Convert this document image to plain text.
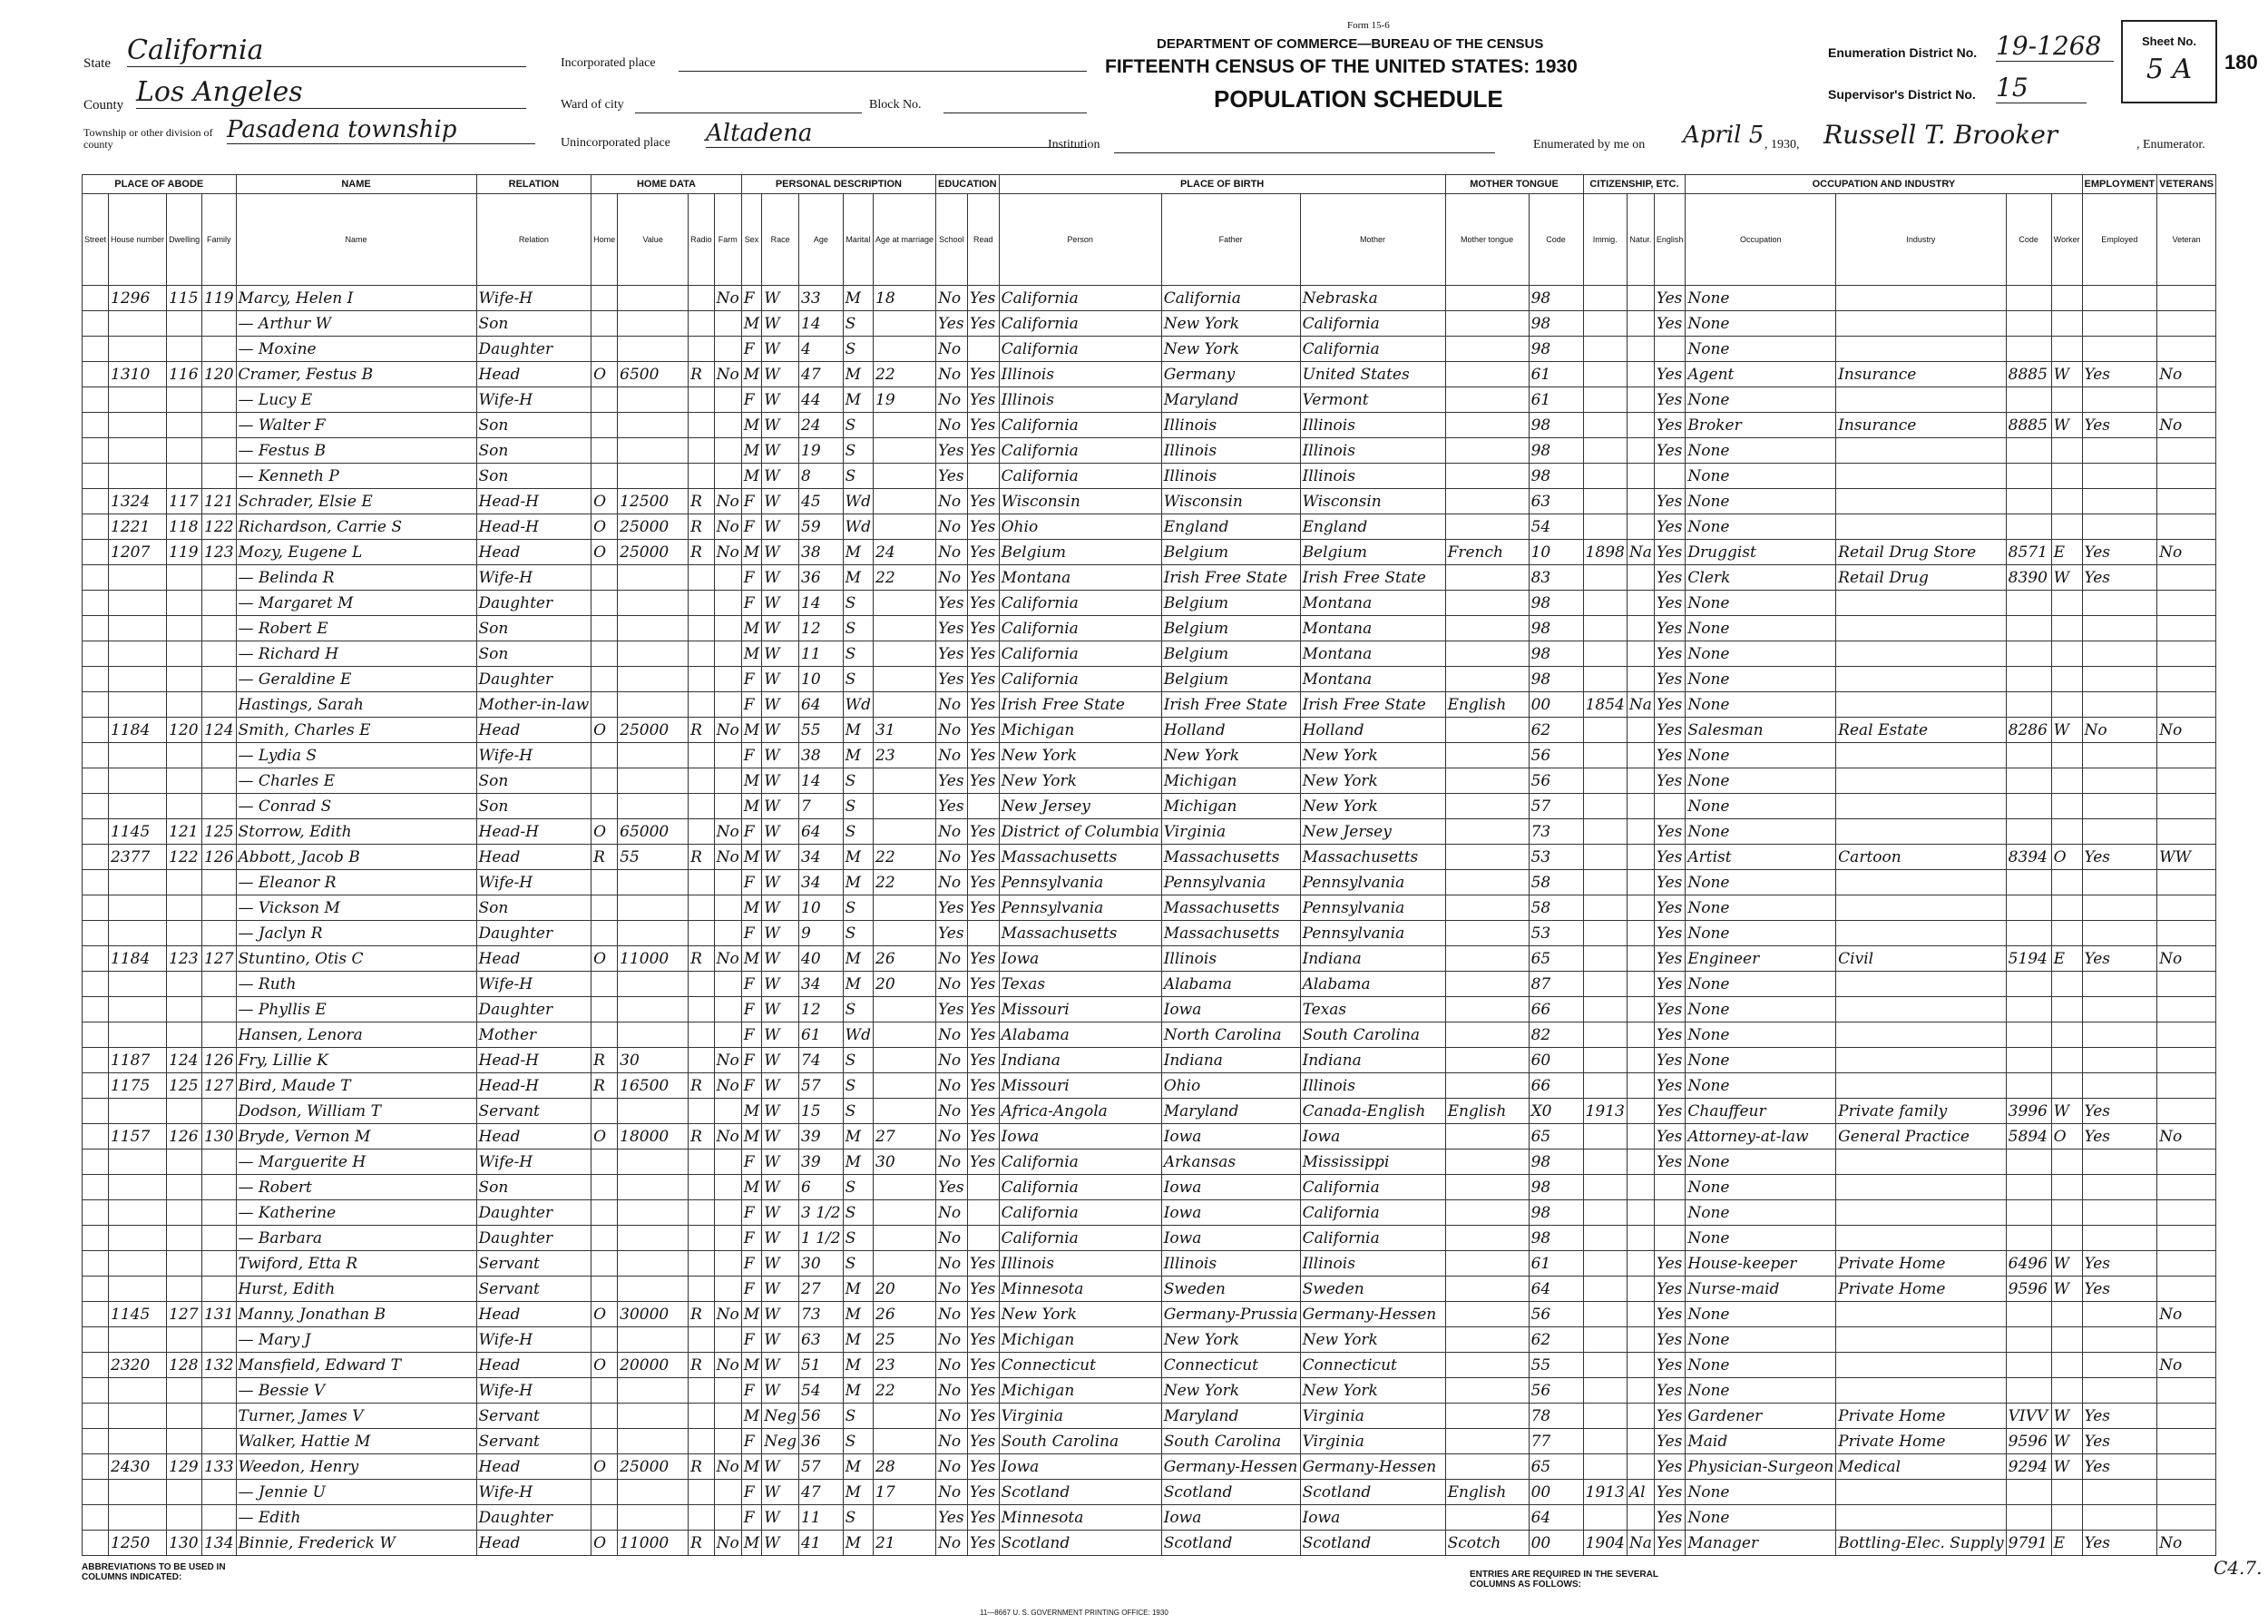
Form 15-6
DEPARTMENT OF COMMERCE—BUREAU OF THE CENSUS
FIFTEENTH CENSUS OF THE UNITED STATES: 1930
POPULATION SCHEDULE
Enumeration District No. 19-1268
Supervisor's District No. 15
Sheet No.
5 A	180
State California
County Los Angeles
Township or other division of county
Pasadena township
Incorporated place
Ward of city	Block No.
Unincorporated place Altadena	Institution	Enumerated by me on April 5 , 1930, Russell T. Brooker	, Enumerator.
PLACE OF ABODE				NAME	RELATION	HOME DATA				PERSONAL DESCRIPTION					EDUCATION		PLACE OF BIRTH			MOTHER TONGUE		CITIZENSHIP, ETC.			OCCUPATION AND INDUSTRY				EMPLOYMENT	VETERANS
Street	House number	Dwelling	Family	Name	Relation	Home	Value	Radio	Farm	Sex	Race	Age	Marital	Age at marriage	School	Read	Person	Father	Mother	Mother tongue	Code	Immig.	Natur.	English	Occupation	Industry	Code	Worker	Employed	Veteran
	1296	115	119	Marcy, Helen I	Wife-H				No	F	W	33	M	18	No	Yes	California	California	Nebraska		98			Yes	None					
				— Arthur W	Son					M	W	14	S		Yes	Yes	California	New York	California		98			Yes	None					
				— Moxine	Daughter					F	W	4	S		No		California	New York	California		98				None					
	1310	116	120	Cramer, Festus B	Head	O	6500	R	No	M	W	47	M	22	No	Yes	Illinois	Germany	United States		61			Yes	Agent	Insurance	8885	W	Yes	No
				— Lucy E	Wife-H					F	W	44	M	19	No	Yes	Illinois	Maryland	Vermont		61			Yes	None					
				— Walter F	Son					M	W	24	S		No	Yes	California	Illinois	Illinois		98			Yes	Broker	Insurance	8885	W	Yes	No
				— Festus B	Son					M	W	19	S		Yes	Yes	California	Illinois	Illinois		98			Yes	None					
				— Kenneth P	Son					M	W	8	S		Yes		California	Illinois	Illinois		98				None					
	1324	117	121	Schrader, Elsie E	Head-H	O	12500	R	No	F	W	45	Wd		No	Yes	Wisconsin	Wisconsin	Wisconsin		63			Yes	None					
	1221	118	122	Richardson, Carrie S	Head-H	O	25000	R	No	F	W	59	Wd		No	Yes	Ohio	England	England		54			Yes	None					
	1207	119	123	Mozy, Eugene L	Head	O	25000	R	No	M	W	38	M	24	No	Yes	Belgium	Belgium	Belgium	French	10	1898	Na	Yes	Druggist	Retail Drug Store	8571	E	Yes	No
				— Belinda R	Wife-H					F	W	36	M	22	No	Yes	Montana	Irish Free State	Irish Free State		83			Yes	Clerk	Retail Drug	8390	W	Yes	
				— Margaret M	Daughter					F	W	14	S		Yes	Yes	California	Belgium	Montana		98			Yes	None					
				— Robert E	Son					M	W	12	S		Yes	Yes	California	Belgium	Montana		98			Yes	None					
				— Richard H	Son					M	W	11	S		Yes	Yes	California	Belgium	Montana		98			Yes	None					
				— Geraldine E	Daughter					F	W	10	S		Yes	Yes	California	Belgium	Montana		98			Yes	None					
				Hastings, Sarah	Mother-in-law					F	W	64	Wd		No	Yes	Irish Free State	Irish Free State	Irish Free State	English	00	1854	Na	Yes	None					
	1184	120	124	Smith, Charles E	Head	O	25000	R	No	M	W	55	M	31	No	Yes	Michigan	Holland	Holland		62			Yes	Salesman	Real Estate	8286	W	No	No
				— Lydia S	Wife-H					F	W	38	M	23	No	Yes	New York	New York	New York		56			Yes	None					
				— Charles E	Son					M	W	14	S		Yes	Yes	New York	Michigan	New York		56			Yes	None					
				— Conrad S	Son					M	W	7	S		Yes		New Jersey	Michigan	New York		57				None					
	1145	121	125	Storrow, Edith	Head-H	O	65000		No	F	W	64	S		No	Yes	District of Columbia	Virginia	New Jersey		73			Yes	None					
	2377	122	126	Abbott, Jacob B	Head	R	55	R	No	M	W	34	M	22	No	Yes	Massachusetts	Massachusetts	Massachusetts		53			Yes	Artist	Cartoon	8394	O	Yes	WW
				— Eleanor R	Wife-H					F	W	34	M	22	No	Yes	Pennsylvania	Pennsylvania	Pennsylvania		58			Yes	None					
				— Vickson M	Son					M	W	10	S		Yes	Yes	Pennsylvania	Massachusetts	Pennsylvania		58			Yes	None					
				— Jaclyn R	Daughter					F	W	9	S		Yes		Massachusetts	Massachusetts	Pennsylvania		53			Yes	None					
	1184	123	127	Stuntino, Otis C	Head	O	11000	R	No	M	W	40	M	26	No	Yes	Iowa	Illinois	Indiana		65			Yes	Engineer	Civil	5194	E	Yes	No
				— Ruth	Wife-H					F	W	34	M	20	No	Yes	Texas	Alabama	Alabama		87			Yes	None					
				— Phyllis E	Daughter					F	W	12	S		Yes	Yes	Missouri	Iowa	Texas		66			Yes	None					
				Hansen, Lenora	Mother					F	W	61	Wd		No	Yes	Alabama	North Carolina	South Carolina		82			Yes	None					
	1187	124	126	Fry, Lillie K	Head-H	R	30		No	F	W	74	S		No	Yes	Indiana	Indiana	Indiana		60			Yes	None					
	1175	125	127	Bird, Maude T	Head-H	R	16500	R	No	F	W	57	S		No	Yes	Missouri	Ohio	Illinois		66			Yes	None					
				Dodson, William T	Servant					M	W	15	S		No	Yes	Africa-Angola	Maryland	Canada-English	English	X0	1913		Yes	Chauffeur	Private family	3996	W	Yes	
	1157	126	130	Bryde, Vernon M	Head	O	18000	R	No	M	W	39	M	27	No	Yes	Iowa	Iowa	Iowa		65			Yes	Attorney-at-law	General Practice	5894	O	Yes	No
				— Marguerite H	Wife-H					F	W	39	M	30	No	Yes	California	Arkansas	Mississippi		98			Yes	None					
				— Robert	Son					M	W	6	S		Yes		California	Iowa	California		98				None					
				— Katherine	Daughter					F	W	3 1/2	S		No		California	Iowa	California		98				None					
				— Barbara	Daughter					F	W	1 1/2	S		No		California	Iowa	California		98				None					
				Twiford, Etta R	Servant					F	W	30	S		No	Yes	Illinois	Illinois	Illinois		61			Yes	House-keeper	Private Home	6496	W	Yes	
				Hurst, Edith	Servant					F	W	27	M	20	No	Yes	Minnesota	Sweden	Sweden		64			Yes	Nurse-maid	Private Home	9596	W	Yes	
	1145	127	131	Manny, Jonathan B	Head	O	30000	R	No	M	W	73	M	26	No	Yes	New York	Germany-Prussia	Germany-Hessen		56			Yes	None					No
				— Mary J	Wife-H					F	W	63	M	25	No	Yes	Michigan	New York	New York		62			Yes	None					
	2320	128	132	Mansfield, Edward T	Head	O	20000	R	No	M	W	51	M	23	No	Yes	Connecticut	Connecticut	Connecticut		55			Yes	None					No
				— Bessie V	Wife-H					F	W	54	M	22	No	Yes	Michigan	New York	New York		56			Yes	None					
				Turner, James V	Servant					M	Neg	56	S		No	Yes	Virginia	Maryland	Virginia		78			Yes	Gardener	Private Home	VIVV	W	Yes	
				Walker, Hattie M	Servant					F	Neg	36	S		No	Yes	South Carolina	South Carolina	Virginia		77			Yes	Maid	Private Home	9596	W	Yes	
	2430	129	133	Weedon, Henry	Head	O	25000	R	No	M	W	57	M	28	No	Yes	Iowa	Germany-Hessen	Germany-Hessen		65			Yes	Physician-Surgeon	Medical	9294	W	Yes	
				— Jennie U	Wife-H					F	W	47	M	17	No	Yes	Scotland	Scotland	Scotland	English	00	1913	Al	Yes	None					
				— Edith	Daughter					F	W	11	S		Yes	Yes	Minnesota	Iowa	Iowa		64			Yes	None					
	1250	130	134	Binnie, Frederick W	Head	O	11000	R	No	M	W	41	M	21	No	Yes	Scotland	Scotland	Scotland	Scotch	00	1904	Na	Yes	Manager	Bottling-Elec. Supply	9791	E	Yes	No
ABBREVIATIONS TO BE USED IN COLUMNS INDICATED:	ENTRIES ARE REQUIRED IN THE SEVERAL COLUMNS AS FOLLOWS:
11—8667 U. S. GOVERNMENT PRINTING OFFICE: 1930
C4.7.
